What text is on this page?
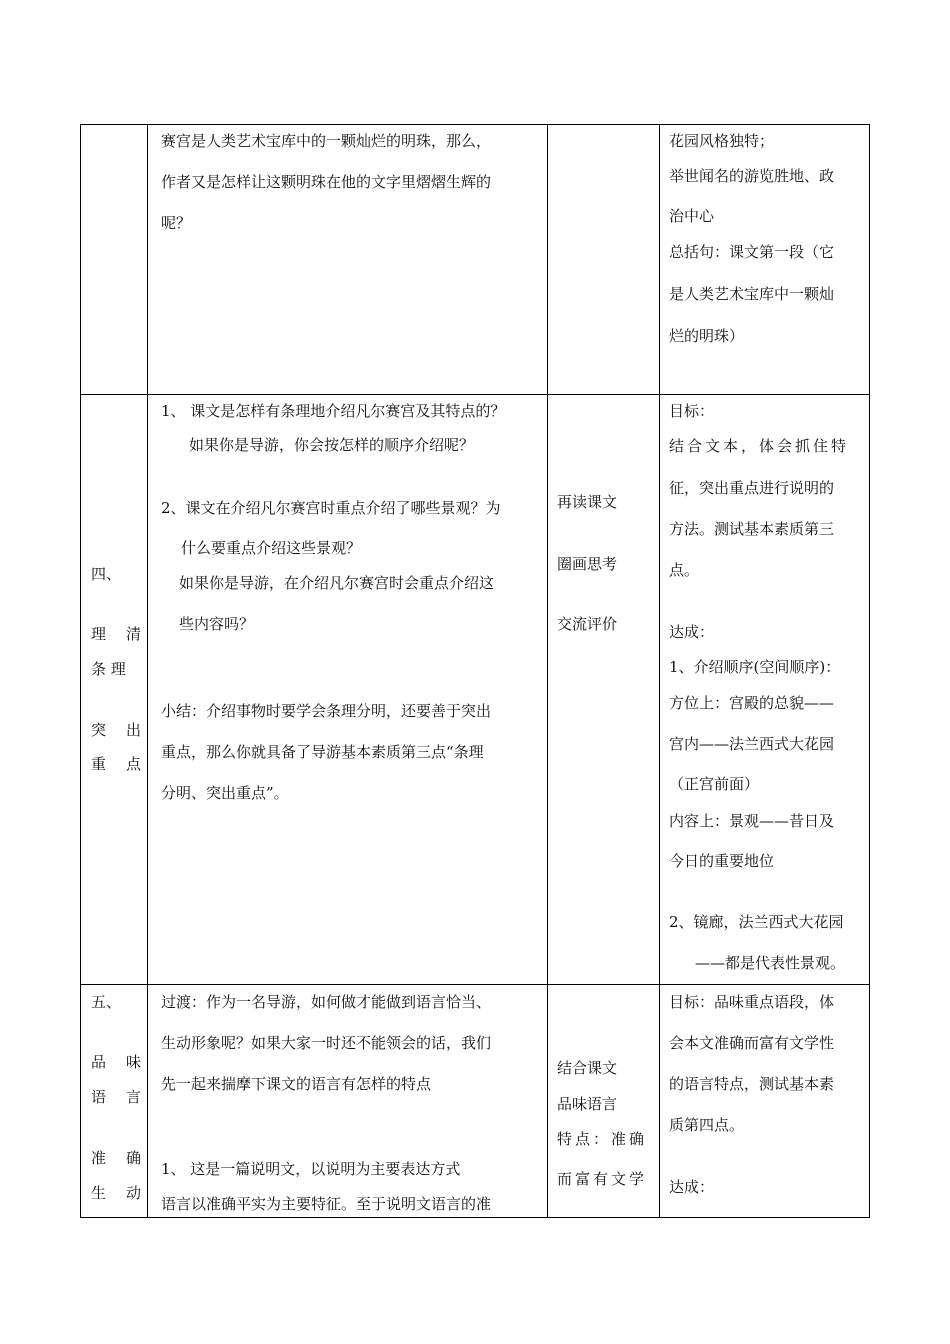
赛宫是人类艺术宝库中的一颗灿烂的明珠，那么，
作者又是怎样让这颗明珠在他的文字里熠熠生辉的
呢？
花园风格独特；
举世闻名的游览胜地、政
治中心
总括句：课文第一段（它
是人类艺术宝库中一颗灿
烂的明珠）
四、
理 清
条 理
突 出
重 点
1、 课文是怎样有条理地介绍凡尔赛宫及其特点的？
如果你是导游，你会按怎样的顺序介绍呢？
2、课文在介绍凡尔赛宫时重点介绍了哪些景观？为
什么要重点介绍这些景观？
如果你是导游，在介绍凡尔赛宫时会重点介绍这
些内容吗？
小结：介绍事物时要学会条理分明，还要善于突出
重点，那么你就具备了导游基本素质第三点“条理
分明、突出重点”。
再读课文
圈画思考
交流评价
目标：
结合文本，体会抓住特
征，突出重点进行说明的
方法。测试基本素质第三
点。
达成：
1、介绍顺序(空间顺序)：
方位上：宫殿的总貌——
宫内——法兰西式大花园
（正宫前面）
内容上：景观——昔日及
今日的重要地位
2、镜廊，法兰西式大花园
——都是代表性景观。
五、
品 味
语 言
准 确
生 动
过渡：作为一名导游，如何做才能做到语言恰当、
生动形象呢？如果大家一时还不能领会的话，我们
先一起来揣摩下课文的语言有怎样的特点
1、 这是一篇说明文，以说明为主要表达方式
语言以准确平实为主要特征。至于说明文语言的准
结合课文
品味语言
特点：准确
而富有文学
目标：品味重点语段，体
会本文准确而富有文学性
的语言特点，测试基本素
质第四点。
达成：
